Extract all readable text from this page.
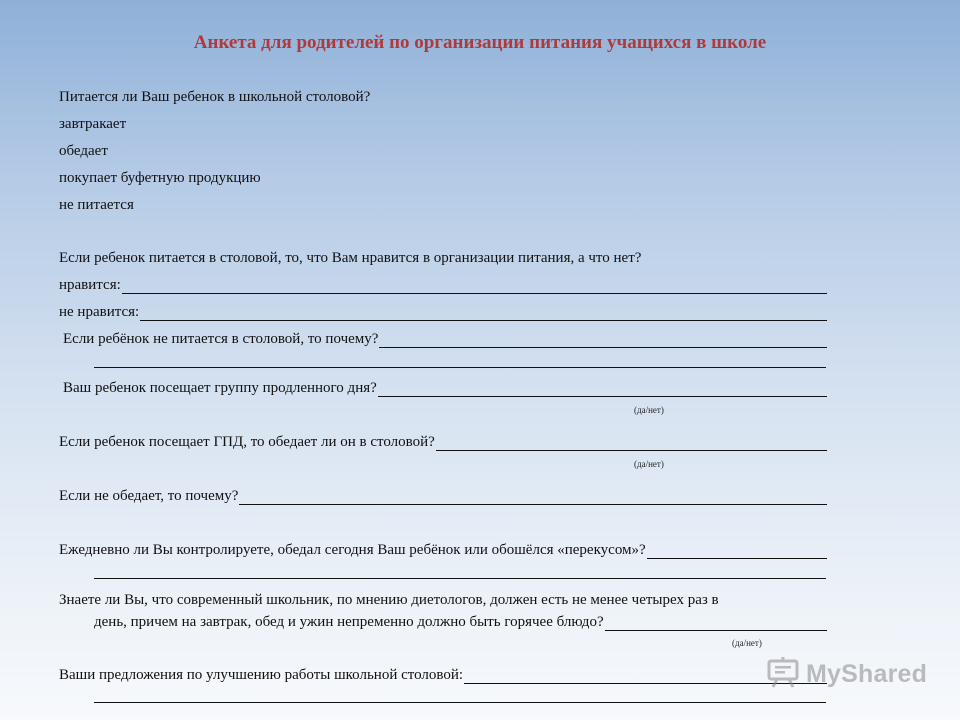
Анкета для родителей по организации питания учащихся в школе
Питается ли Ваш ребенок в школьной столовой?
завтракает
обедает
покупает буфетную продукцию
не питается
Если ребенок питается в столовой, то, что Вам нравится в организации питания, а что нет?
нравится:
не нравится:
Если ребёнок не питается в столовой, то почему?
Ваш ребенок посещает группу продленного дня?
(да/нет)
Если ребенок посещает ГПД, то обедает ли он в столовой?
(да/нет)
Если не обедает, то почему?
Ежедневно ли Вы контролируете, обедал сегодня Ваш ребёнок или обошёлся «перекусом»?
Знаете ли Вы, что современный школьник, по мнению диетологов, должен есть не менее четырех раз в
день, причем на завтрак, обед и ужин непременно должно быть горячее блюдо?
(да/нет)
Ваши предложения по улучшению работы школьной столовой:	MyShared
